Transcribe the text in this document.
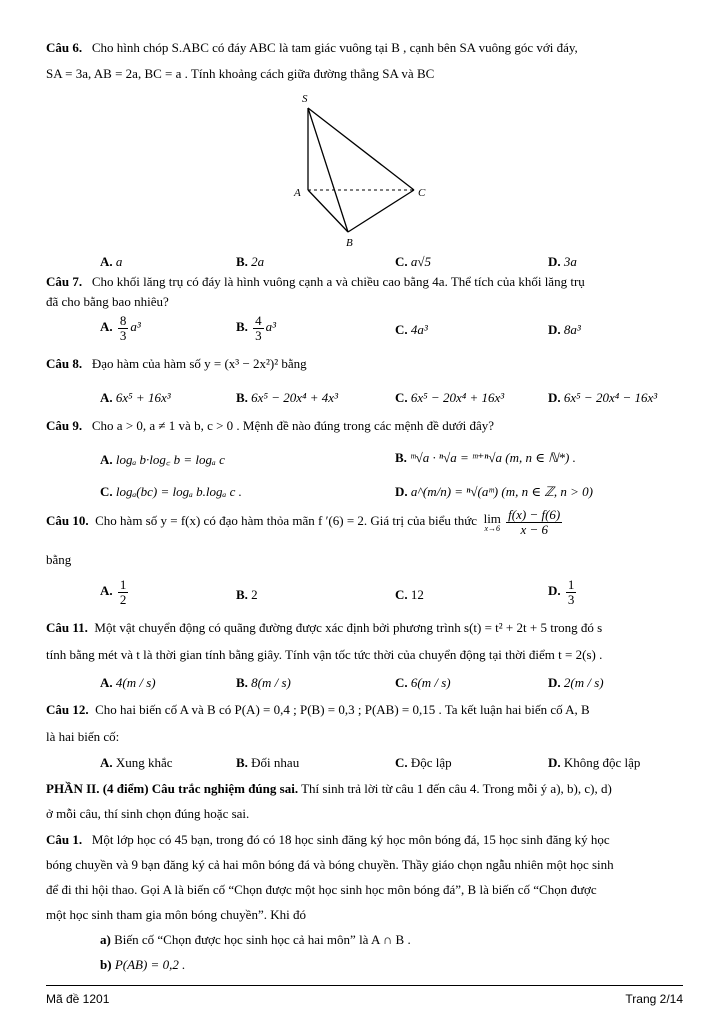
Câu 6. Cho hình chóp S.ABC có đáy ABC là tam giác vuông tại B , cạnh bên SA vuông góc với đáy,
SA = 3a, AB = 2a, BC = a . Tính khoảng cách giữa đường thẳng SA và BC
S
A	C
B
A. a	B. 2a	C. a√5	D. 3a
Câu 7. Cho khối lăng trụ có đáy là hình vuông cạnh a và chiều cao bằng 4a. Thể tích của khối lăng trụ
đã cho bằng bao nhiêu?
A. $\frac{8}{3} a^3$	B. $\frac{4}{3} a^3$	C. 4a³	D. 8a³
Câu 8. Đạo hàm của hàm số y = (x³ − 2x²)² bằng
A. 6x⁵ + 16x³	B. 6x⁵ − 20x⁴ + 4x³	C. 6x⁵ − 20x⁴ + 16x³	D. 6x⁵ − 20x⁴ − 16x³
Câu 9. Cho a > 0, a ≠ 1 và b, c > 0 . Mệnh đề nào đúng trong các mệnh đề dưới đây?
A. logₐ b·log꜀ b = logₐ c	B. ᵐ√a · ⁿ√a = ᵐ⁺ⁿ√a (m, n ∈ ℕ*) .
C. logₐ(bc) = logₐ b.logₐ c .	D. a^(m/n) = ⁿ√(aᵐ) (m, n ∈ ℤ, n > 0)
Câu 10. Cho hàm số y = f(x) có đạo hàm thỏa mãn f ′(6) = 2. Giá trị của biểu thức lim
x→6
$\frac{f(x) - f(6)}{x - 6}$
bằng
A. $\frac{1}{2}$	B. 2	C. 12	D. $\frac{1}{3}$
Câu 11. Một vật chuyển động có quãng đường được xác định bởi phương trình s(t) = t² + 2t + 5 trong đó s
tính bằng mét và t là thời gian tính bằng giây. Tính vận tốc tức thời của chuyển động tại thời điểm t = 2(s) .
A. 4(m / s)	B. 8(m / s)	C. 6(m / s)	D. 2(m / s)
Câu 12. Cho hai biến cố A và B có P(A) = 0,4 ; P(B) = 0,3 ; P(AB) = 0,15 . Ta kết luận hai biến cố A, B
là hai biến cố:
A. Xung khắc	B. Đối nhau	C. Độc lập	D. Không độc lập
PHẦN II. (4 điểm) Câu trắc nghiệm đúng sai. Thí sinh trả lời từ câu 1 đến câu 4. Trong mỗi ý a), b), c), d)
ở mỗi câu, thí sinh chọn đúng hoặc sai.
Câu 1. Một lớp học có 45 bạn, trong đó có 18 học sinh đăng ký học môn bóng đá, 15 học sinh đăng ký học
bóng chuyền và 9 bạn đăng ký cả hai môn bóng đá và bóng chuyền. Thầy giáo chọn ngẫu nhiên một học sinh
để đi thi hội thao. Gọi A là biến cố “Chọn được một học sinh học môn bóng đá”, B là biến cố “Chọn được
một học sinh tham gia môn bóng chuyền”. Khi đó
a) Biến cố “Chọn được học sinh học cả hai môn” là A ∩ B .
b) P(AB) = 0,2 .
Mã đề 1201	Trang 2/14
